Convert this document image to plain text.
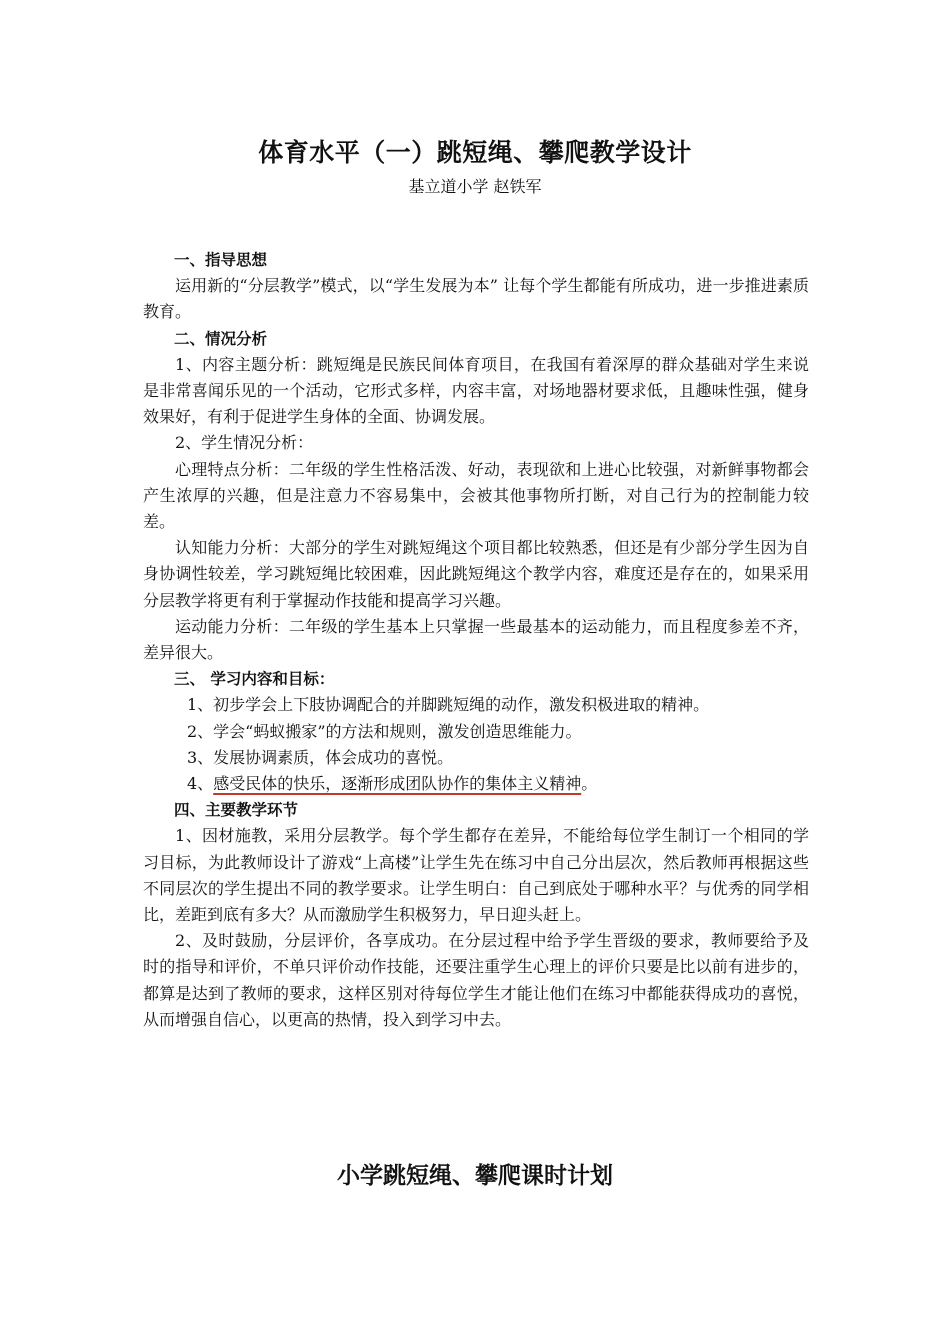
体育水平（一）跳短绳、攀爬教学设计
基立道小学 赵铁军

一、指导思想

运用新的“分层教学”模式，以“学生发展为本” 让每个学生都能有所成功，进一步推进素质教育。

二、情况分析

1、内容主题分析：跳短绳是民族民间体育项目，在我国有着深厚的群众基础对学生来说是非常喜闻乐见的一个活动，它形式多样，内容丰富，对场地器材要求低，且趣味性强，健身效果好，有利于促进学生身体的全面、协调发展。

2、学生情况分析：

心理特点分析：二年级的学生性格活泼、好动，表现欲和上进心比较强，对新鲜事物都会产生浓厚的兴趣，但是注意力不容易集中，会被其他事物所打断，对自己行为的控制能力较差。

认知能力分析：大部分的学生对跳短绳这个项目都比较熟悉，但还是有少部分学生因为自身协调性较差，学习跳短绳比较困难，因此跳短绳这个教学内容，难度还是存在的，如果采用分层教学将更有利于掌握动作技能和提高学习兴趣。

运动能力分析：二年级的学生基本上只掌握一些最基本的运动能力，而且程度参差不齐，差异很大。

三、 学习内容和目标：

1、初步学会上下肢协调配合的并脚跳短绳的动作，激发积极进取的精神。

2、学会“蚂蚁搬家”的方法和规则，激发创造思维能力。

3、发展协调素质，体会成功的喜悦。

4、感受民体的快乐，逐渐形成团队协作的集体主义精神。

四、主要教学环节

1、因材施教，采用分层教学。每个学生都存在差异，不能给每位学生制订一个相同的学习目标，为此教师设计了游戏“上高楼”让学生先在练习中自己分出层次，然后教师再根据这些不同层次的学生提出不同的教学要求。让学生明白：自己到底处于哪种水平？与优秀的同学相比，差距到底有多大？从而激励学生积极努力，早日迎头赶上。

2、及时鼓励，分层评价，各享成功。在分层过程中给予学生晋级的要求，教师要给予及时的指导和评价，不单只评价动作技能，还要注重学生心理上的评价只要是比以前有进步的，都算是达到了教师的要求，这样区别对待每位学生才能让他们在练习中都能获得成功的喜悦，从而增强自信心，以更高的热情，投入到学习中去。

小学跳短绳、攀爬课时计划
